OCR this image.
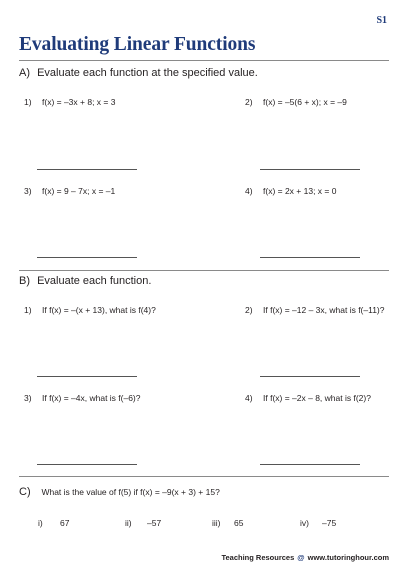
S1
Evaluating Linear Functions
A) Evaluate each function at the specified value.
1) f(x) = –3x + 8; x = 3	2) f(x) = –5(6 + x); x = –9
3) f(x) = 9 – 7x; x = –1	4) f(x) = 2x + 13; x = 0
B) Evaluate each function.
1) If f(x) = –(x + 13), what is f(4)?	2) If f(x) = –12 – 3x, what is f(–11)?
3) If f(x) = –4x, what is f(–6)?	4) If f(x) = –2x – 8, what is f(2)?
C) What is the value of f(5) if f(x) = –9(x + 3) + 15?
i) 67	ii) –57	iii) 65	iv) –75
Teaching Resources @ www.tutoringhour.com
